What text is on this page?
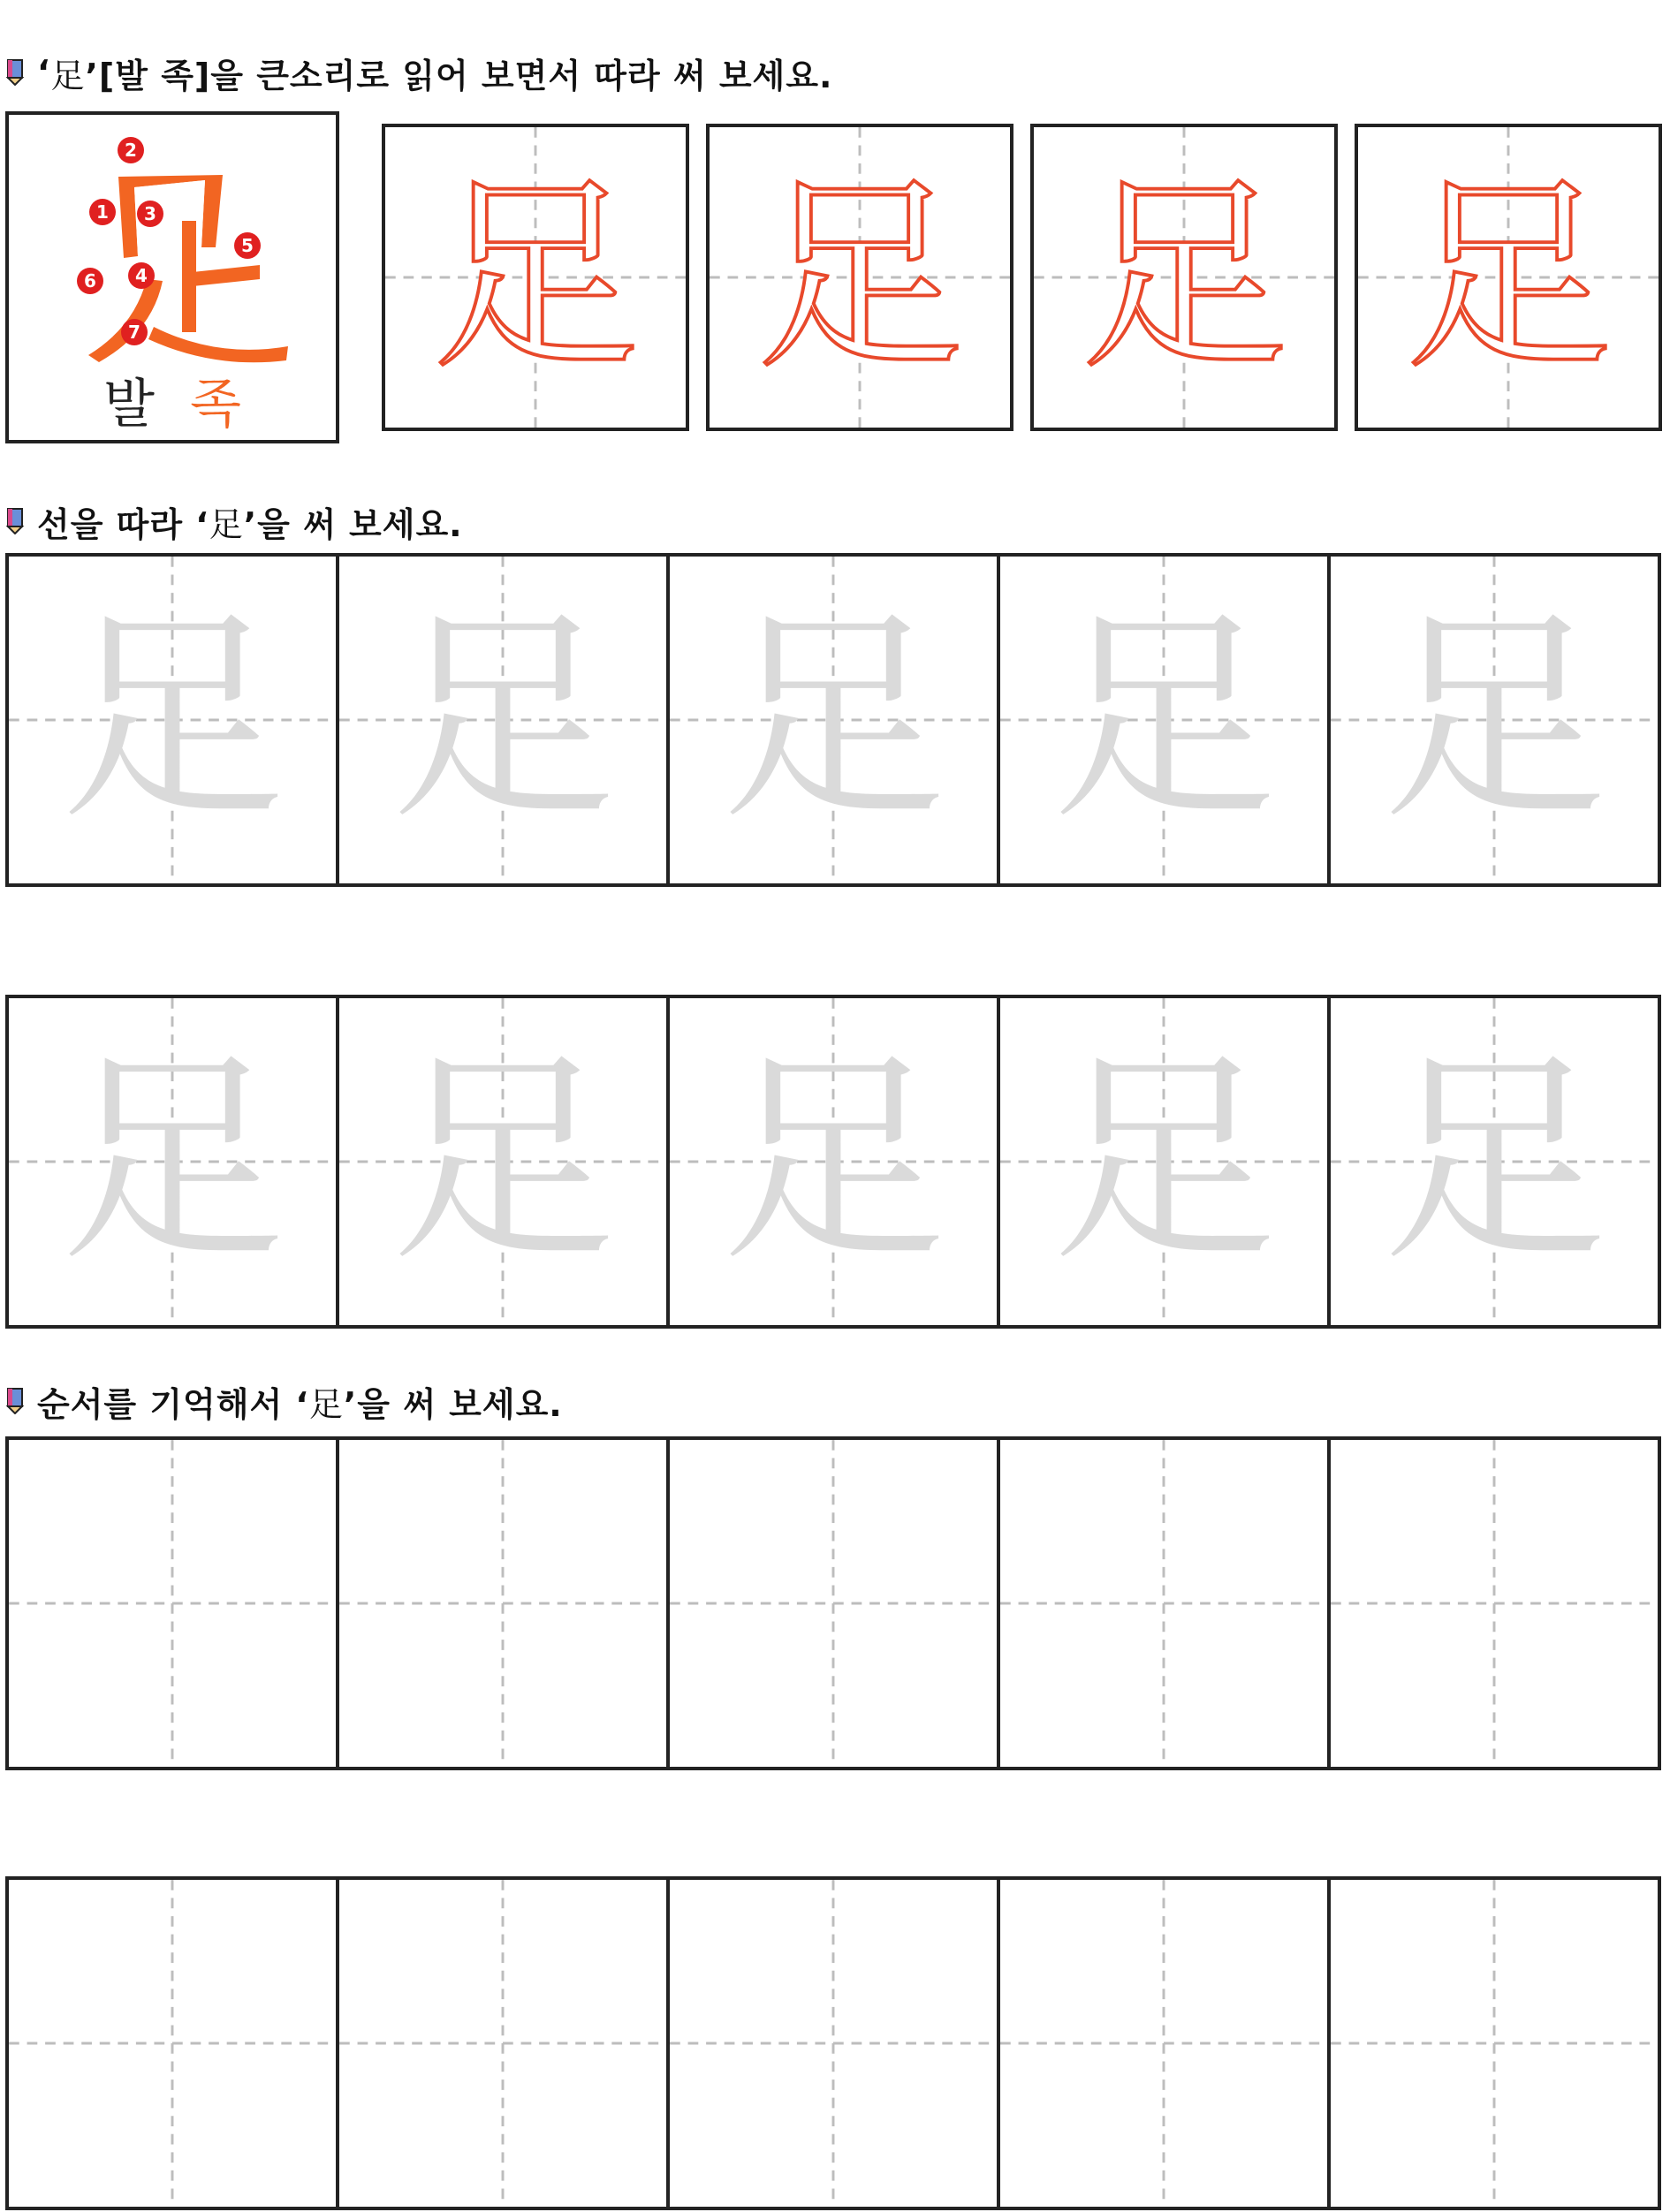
‘ 足 ’[발 족]을 큰소리로 읽어 보면서 따라 써 보세요.
1
2
3
4
5
6
7
발 족
足 足 足 足
선을 따라 ‘ 足 ’을 써 보세요.
足 足 足 足 足
足 足 足 足 足
순서를 기억해서 ‘ 足 ’을 써 보세요.
